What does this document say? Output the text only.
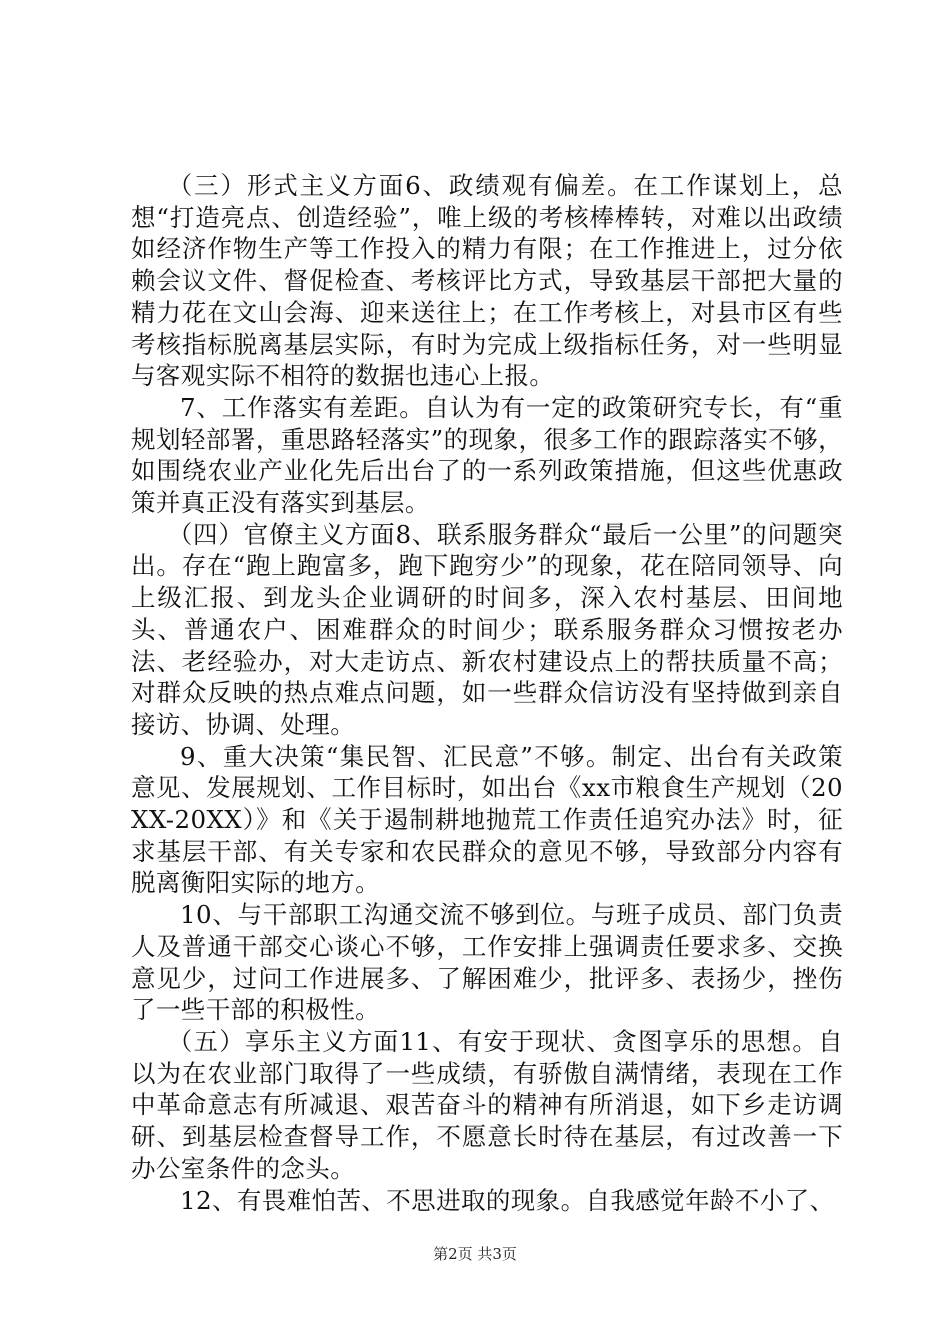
（三）形式主义方面6、政绩观有偏差。在工作谋划上，总想“打造亮点、创造经验”，唯上级的考核棒棒转，对难以出政绩如经济作物生产等工作投入的精力有限；在工作推进上，过分依赖会议文件、督促检查、考核评比方式，导致基层干部把大量的精力花在文山会海、迎来送往上；在工作考核上，对县市区有些考核指标脱离基层实际，有时为完成上级指标任务，对一些明显与客观实际不相符的数据也违心上报。

7、工作落实有差距。自认为有一定的政策研究专长，有“重规划轻部署，重思路轻落实”的现象，很多工作的跟踪落实不够，如围绕农业产业化先后出台了的一系列政策措施，但这些优惠政策并真正没有落实到基层。

（四）官僚主义方面8、联系服务群众“最后一公里”的问题突出。存在“跑上跑富多，跑下跑穷少”的现象，花在陪同领导、向上级汇报、到龙头企业调研的时间多，深入农村基层、田间地头、普通农户、困难群众的时间少；联系服务群众习惯按老办法、老经验办，对大走访点、新农村建设点上的帮扶质量不高；对群众反映的热点难点问题，如一些群众信访没有坚持做到亲自接访、协调、处理。

9、重大决策“集民智、汇民意”不够。制定、出台有关政策意见、发展规划、工作目标时，如出台《xx市粮食生产规划（20XX-20XX）》和《关于遏制耕地抛荒工作责任追究办法》时，征求基层干部、有关专家和农民群众的意见不够，导致部分内容有脱离衡阳实际的地方。

10、与干部职工沟通交流不够到位。与班子成员、部门负责人及普通干部交心谈心不够，工作安排上强调责任要求多、交换意见少，过问工作进展多、了解困难少，批评多、表扬少，挫伤了一些干部的积极性。

（五）享乐主义方面11、有安于现状、贪图享乐的思想。自以为在农业部门取得了一些成绩，有骄傲自满情绪，表现在工作中革命意志有所减退、艰苦奋斗的精神有所消退，如下乡走访调研、到基层检查督导工作，不愿意长时待在基层，有过改善一下办公室条件的念头。

12、有畏难怕苦、不思进取的现象。自我感觉年龄不小了、

第2页 共3页
